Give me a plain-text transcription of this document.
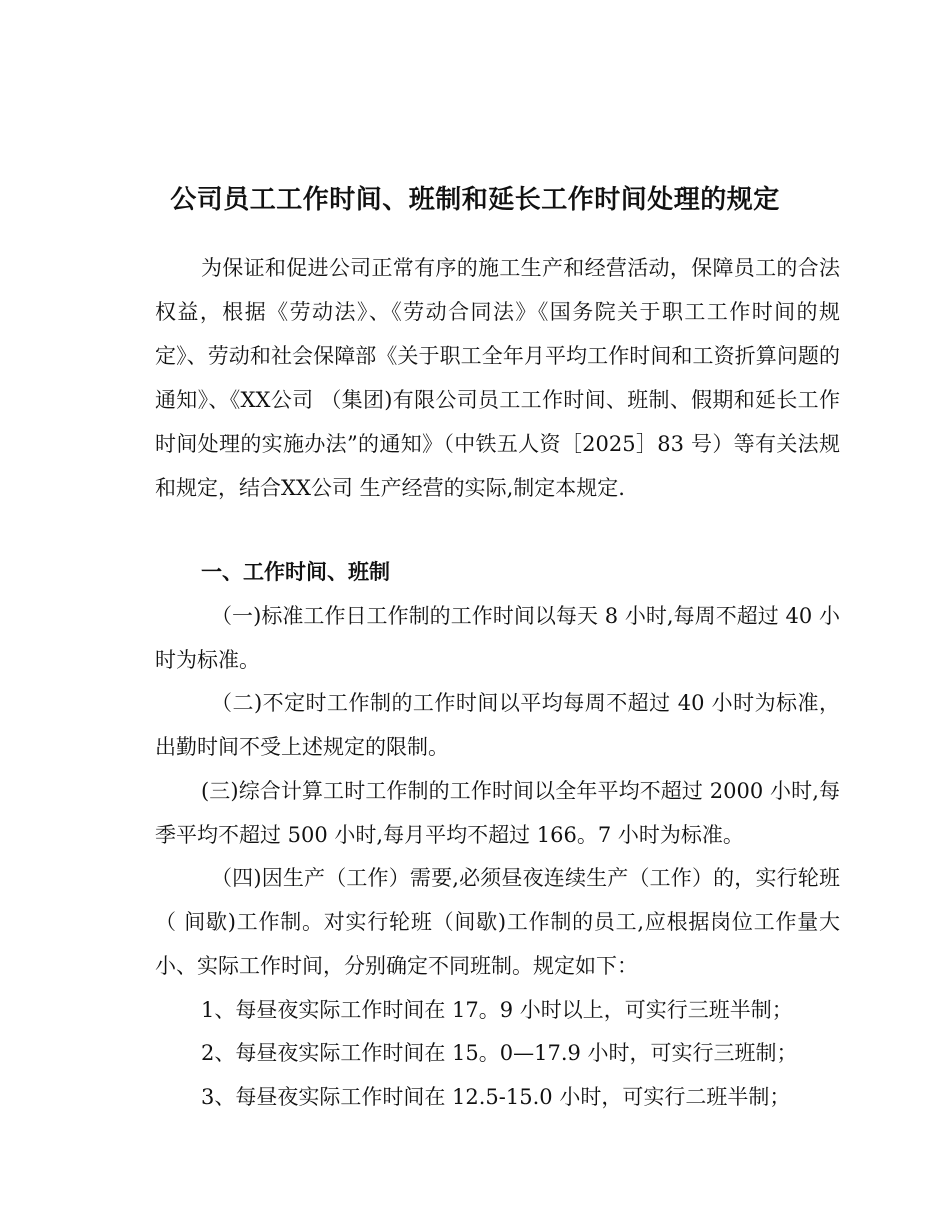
公司员工工作时间、班制和延长工作时间处理的规定
为保证和促进公司正常有序的施工生产和经营活动，保障员工的合法权益，根据《劳动法》、《劳动合同法》《国务院关于职工工作时间的规定》、劳动和社会保障部《关于职工全年月平均工作时间和工资折算问题的通知》、《XX公司 （集团)有限公司员工工作时间、班制、假期和延长工作时间处理的实施办法”的通知》（中铁五人资［2025］83 号）等有关法规和规定，结合XX公司 生产经营的实际,制定本规定.
一、工作时间、班制
（一)标准工作日工作制的工作时间以每天 8 小时,每周不超过 40 小时为标准。
（二)不定时工作制的工作时间以平均每周不超过 40 小时为标准，出勤时间不受上述规定的限制。
(三)综合计算工时工作制的工作时间以全年平均不超过 2000 小时,每季平均不超过 500 小时,每月平均不超过 166。7 小时为标准。
（四)因生产（工作）需要,必须昼夜连续生产（工作）的，实行轮班（ 间歇)工作制。对实行轮班（间歇)工作制的员工,应根据岗位工作量大小、实际工作时间，分别确定不同班制。规定如下：
1、每昼夜实际工作时间在 17。9 小时以上，可实行三班半制；
2、每昼夜实际工作时间在 15。0—17.9 小时，可实行三班制；
3、每昼夜实际工作时间在 12.5-15.0 小时，可实行二班半制；
